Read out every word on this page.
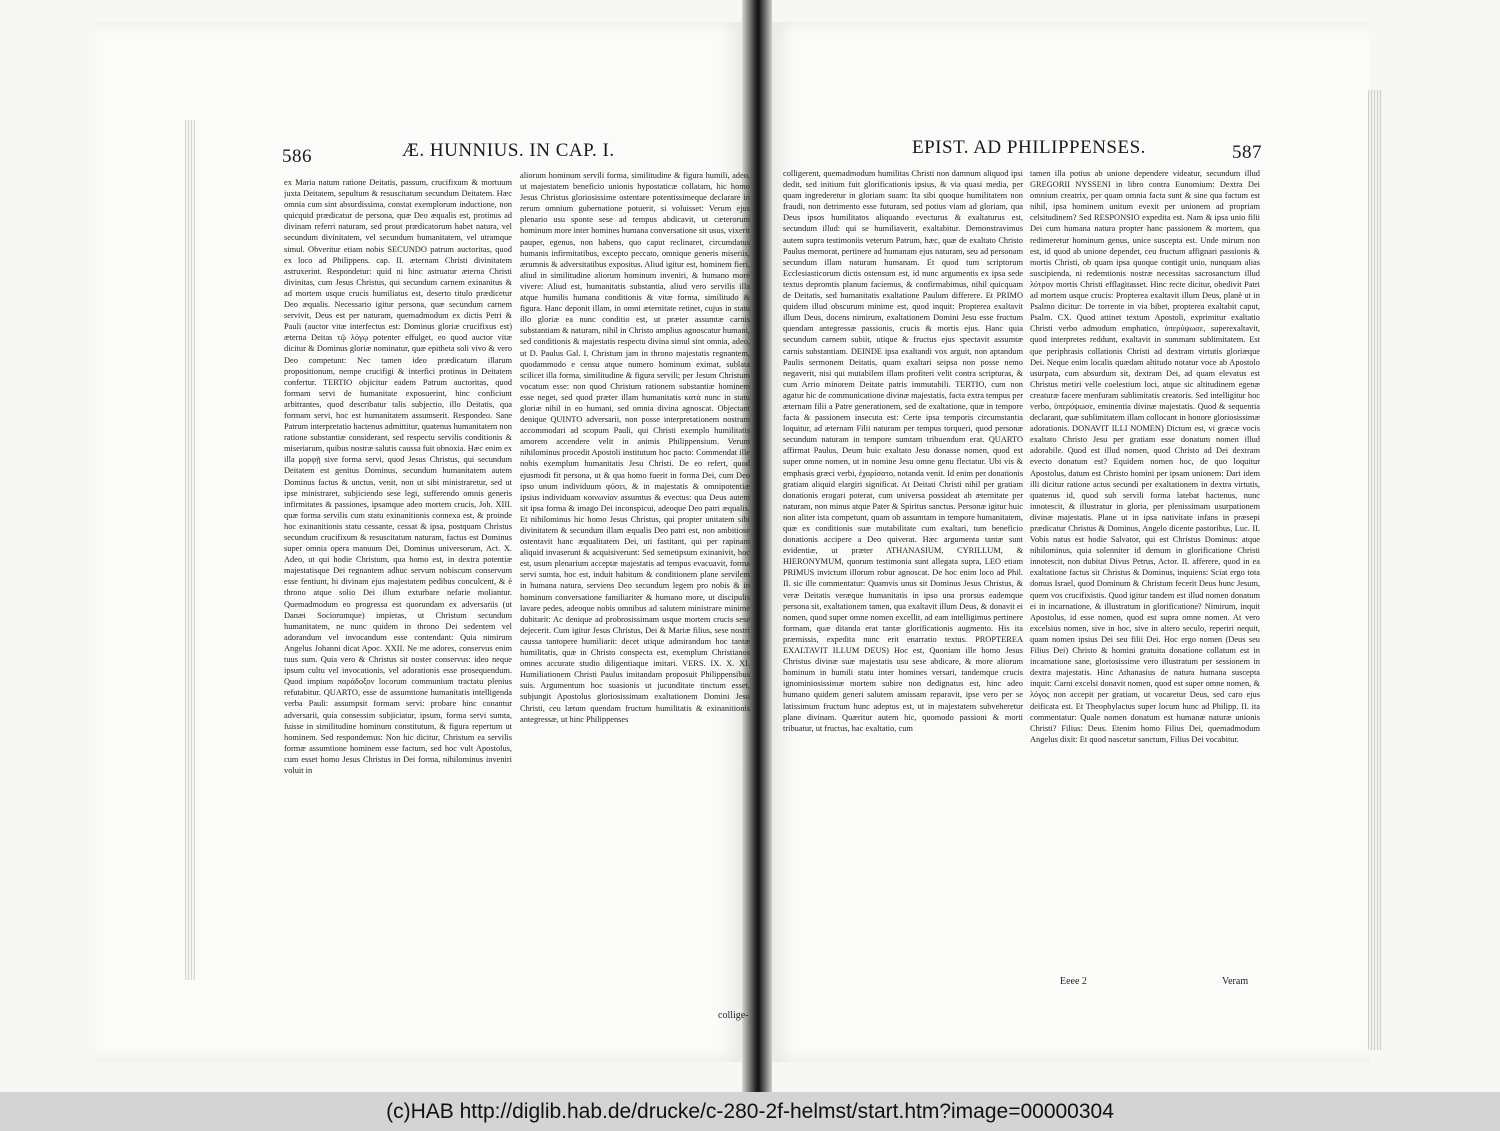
586	Æ. HUNNIUS. IN CAP. I.
ex Maria natum ratione Deitatis, passum, crucifixum & mortuum juxta Deitatem, sepultum & resuscitatum secundum Deitatem. Hæc omnia cum sint absurdissima, constat exemplorum inductione, non quicquid prædicatur de persona, quæ Deo æqualis est, protinus ad divinam referri naturam, sed prout prædicatorum habet natura, vel secundum divinitatem, vel secundum humanitatem, vel utramque simul. Obveritur etiam nobis SECUNDO patrum auctoritas, quod ex loco ad Philippens. cap. II. æternam Christi divinitatem astruxerint. Respondetur: quid ni hinc astruatur æterna Christi divinitas, cum Jesus Christus, qui secundum carnem exinanitus & ad mortem usque crucis humiliatus est, deserto titulo prædicetur Deo æqualis. Necessario igitur persona, quæ secundum carnem servivit, Deus est per naturam, quemadmodum ex dictis Petri & Pauli (auctor vitæ interfectus est: Dominus gloriæ crucifixus est) æterna Deitas τῷ λόγῳ potenter effulget, eo quod auctor vitæ dicitur & Dominus gloriæ nominatur, quæ epitheta soli vivo & vero Deo competunt: Nec tamen ideo prædicatum illarum propositionum, nempe crucifigi & interfici protinus in Deitatem confertur. TERTIO objicitur eadem Patrum auctoritas, quod formam servi de humanitate exposuerint, hinc conficiunt arbitrantes, quod describatur talis subjectio, illo Deitatis, qua formam servi, hoc est humanitatem assumserit. Respondeo. Sane Patrum interpretatio hactenus admittitur, quatenus humanitatem non ratione substantiæ considerant, sed respectu servilis conditionis & miseriarum, quibus nostræ salutis caussa fuit obnoxia. Hæc enim ex illa μορφῇ sive forma servi, quod Jesus Christus, qui secundum Deitatem est genitus Dominus, secundum humanitatem autem Dominus factus & unctus, venit, non ut sibi ministraretur, sed ut ipse ministraret, subjiciendo sese legi, sufferendo omnis generis infirmitates & passiones, ipsamque adeo mortem crucis, Joh. XIII. quæ forma servilis cum statu exinanitionis connexa est, & proinde hoc exinanitionis statu cessante, cessat & ipsa, postquam Christus secundum crucifixum & resuscitatum naturam, factus est Dominus super omnia opera manuum Dei, Dominus universorum, Act. X. Adeo, ut qui hodie Christum, qua homo est, in dextra potentiæ majestatisque Dei regnantem adhuc servum nobiscum conservum esse fentiunt, hi divinam ejus majestatem pedibus conculcent, & è throno atque solio Dei illum exturbare nefarie moliantur. Quemadmodum eo progressa est quorundam ex adversariis (ut Danæi Sociorumque) impietas, ut Christum secundum humanitatem, ne nunc quidem in throno Dei sedentem vel adorandum vel invocandum esse contendant: Quia nimirum Angelus Johanni dicat Apoc. XXII. Ne me adores, conservus enim tuus sum. Quia vero & Christus sit noster conservus: ideo neque ipsum cultu vel invocationis, vel adorationis esse prosequendum. Quod impium παράδοξον locorum communium tractatu plenius refutabitur. QUARTO, esse de assumtione humanitatis intelligenda verba Pauli: assumpsit formam servi: probare hinc conantur adversarii, quia consessim subjiciatur, ipsum, forma servi sumta, fuisse in similitudine hominum constitutum, & figura repertum ut hominem. Sed respondemus: Non hic dicitur, Christum ea servilis formæ assumtione hominem esse factum, sed hoc vult Apostolus, cum esset homo Jesus Christus in Dei forma, nihilominus inveniri voluit in
aliorum hominum servili forma, similitudine & figura humili, adeo, ut majestatem beneficio unionis hypostaticæ collatam, hic homo Jesus Christus gloriosissime ostentare potentissimeque declarare in rerum omnium gubernatione potuerit, si voluisset: Verum ejus plenario usu sponte sese ad tempus abdicavit, ut cæterorum hominum more inter homines humana conversatione sit usus, vixerit pauper, egenus, non habens, quo caput reclinaret, circumdatus humanis infirmitatibus, excepto peccato, omnique generis miseriis, ærumnis & adversitatibus expositus. Aliud igitur est, hominem fieri, aliud in similitudine aliorum hominum inveniri, & humano more vivere: Aliud est, humanitatis substantia, aliud vero servilis illa atque humilis humana conditionis & vitæ forma, similitudo & figura. Hanc deponit illam, in omni æternitate retinet, cujus in statu illo gloriæ ea nunc conditio est, ut præter assumtæ carnis substantiam & naturam, nihil in Christo amplius agnoscatur humani, sed conditionis & majestatis respectu divina simul sint omnia, adeo, ut D. Paulus Gal. I. Christum jam in throno majestatis regnantem, quodammodo e censu atque numero hominum eximat, sublata scilicet illa forma, similitudine & figura servili; per Jesum Christum vocatum esse: non quod Christum rationem substantiæ hominem esse neget, sed quod præter illam humanitatis κατὰ nunc in statu gloriæ nihil in eo humani, sed omnia divina agnoscat. Objectant denique QUINTO adversarii, non posse interpretationem nostram accommodari ad scopum Pauli, qui Christi exemplo humilitatis amorem accendere velit in animis Philippensium. Verum nihilominus procedit Apostoli institutum hoc pacto: Commendat ille nobis exemplum humanitatis Jesu Christi. De eo refert, quod ejusmodi fit persona, ut & qua homo fuerit in forma Dei, cum Deo ipso unum individuum φύσει, & in majestatis & omnipotentiæ ipsius individuam κοινωνίαν assumtus & evectus: qua Deus autem sit ipsa forma & imago Dei inconspicui, adeoque Deo patri æqualis. Et nihilominus hic homo Jesus Christus, qui propter unitatem sibi divinitatem & secundum illam æqualis Deo patri est, non ambitiose ostentavit hanc æqualitatem Dei, uti fastitant, qui per rapinam aliquid invaserunt & acquisiverunt: Sed semetipsum exinanivit, hoc est, usum plenarium acceptæ majestatis ad tempus evacuavit, forma servi sumta, hoc est, induit habitum & conditionem plane servilem in humana natura, serviens Deo secundum legem pro nobis & in hominum conversatione familiariter & humano more, ut discipulis lavare pedes, adeoque nobis omnibus ad salutem ministrare minime dubitarit: Ac denique ad probrosissimam usque mortem crucis sese dejecerit. Cum igitur Jesus Christus, Dei & Mariæ filius, sese nostri caussa tantopere humiliarit: decet utique admirandum hoc tantæ humilitatis, quæ in Christo conspecta est, exemplum Christianos omnes accurate studio diligentiaque imitari. VERS. IX. X. XI. Humiliationem Christi Paulus imitandam proposuit Philippensibus suis. Argumentum hoc suasionis ut jucunditate tinctum esset, subjungit Apostolus gloriosissimam exaltationem Domini Jesu Christi, ceu lætum quendam fructum humilitatis & exinanitionis antegressæ, ut hinc Philippenses
collige-
EPIST. AD PHILIPPENSES.	587
colligerent, quemadmodum humilitas Christi non damnum aliquod ipsi dedit, sed initium fuit glorificationis ipsius, & via quasi media, per quam ingrederetur in gloriam suam: Ita sibi quoque humilitatem non fraudi, non detrimento esse futuram, sed potius viam ad gloriam, qua Deus ipsos humilitatos aliquando evecturus & exaltaturus est, secundum illud: qui se humiliaverit, exaltabitur. Demonstravimus autem supra testimoniis veterum Patrum, hæc, quæ de exaltato Christo Paulus memorat, pertinere ad humanam ejus naturam, seu ad personam secundum illam naturam humanam. Et quod tum scriptorum Ecclesiasticorum dictis ostensum est, id nunc argumentis ex ipsa sede textus depromtis planum faciemus, & confirmabimus, nihil quicquam de Deitatis, sed humanitatis exaltatione Paulum differere. Et PRIMO quidem illud obscurum minime est, quod inquit: Propterea exaltavit illum Deus, docens nimirum, exaltationem Domini Jesu esse fructum quendam antegressæ passionis, crucis & mortis ejus. Hanc quia secundum carnem subiit, utique & fructus ejus spectavit assumtæ carnis substantiam. DEINDE ipsa exaltandi vox arguit, non aptandum Paulis sermonem Deitatis, quam exaltari seipsa non posse nemo negaverit, nisi qui mutabilem illam profiteri velit contra scripturas, & cum Arrio minorem Deitate patris immutabili. TERTIO, cum non agatur hic de communicatione divinæ majestatis, facta extra tempus per æternam filii a Patre generationem, sed de exaltatione, quæ in tempore facta & passionem insecuta est: Certe ipsa temporis circumstantia loquitur, ad æternam Filii naturam per tempus torqueri, quod personæ secundum naturam in tempore sumtam tribuendum erat. QUARTO affirmat Paulus, Deum huic exaltato Jesu donasse nomen, quod est super omne nomen, ut in nomine Jesu omne genu flectatur. Ubi vis & emphasis græci verbi, ἐχαρίσατο, notanda venit. Id enim per donationis gratiam aliquid elargiri significat. At Deitati Christi nihil per gratiam donationis erogari poterat, cum universa possideat ab æternitate per naturam, non minus atque Pater & Spiritus sanctus. Personæ igitur huic non aliter ista competunt, quam ob assumtam in tempore humanitatem, quæ ex conditionis suæ mutabilitate cum exaltari, tum beneficio donationis accipere a Deo quiverat. Hæc argumenta tantæ sunt evidentiæ, ut præter ATHANASIUM, CYRILLUM, & HIERONYMUM, quorum testimonia sunt allegata supra, LEO etiam PRIMUS invictum illorum robur agnoscat. De hoc enim loco ad Phil. II. sic ille commentatur: Quamvis unus sit Dominus Jesus Christus, & veræ Deitatis veræque humanitatis in ipso una prorsus eademque persona sit, exaltationem tamen, qua exaltavit illum Deus, & donavit ei nomen, quod super omne nomen excellit, ad eam intelligimus pertinere formam, quæ ditanda erat tantæ glorificationis augmento. His ita præmissis, expedita nunc erit enarratio textus. PROPTEREA EXALTAVIT ILLUM DEUS) Hoc est, Quoniam ille homo Jesus Christus divinæ suæ majestatis usu sese abdicare, & more aliorum hominum in humili statu inter homines versari, tandemque crucis ignominiosissimæ mortem subire non dedignatus est, hinc adeo humano quidem generi salutem amissam reparavit, ipse vero per se latissimum fructum hunc adeptus est, ut in majestatem subveheretur plane divinam. Quæritur autem hic, quomodo passioni & morti tribuatur, ut fructus, hac exaltatio, cum
tamen illa potius ab unione dependere videatur, secundum illud GREGORII NYSSENI in libro contra Eunomium: Dextra Dei omnium creatrix, per quam omnia facta sunt & sine qua factum est nihil, ipsa hominem unitum evexit per unionem ad propriam celsitudinem? Sed RESPONSIO expedita est. Nam & ipsa unio filii Dei cum humana natura propter hanc passionem & mortem, qua redimeretur hominum genus, unice suscepta est. Unde mirum non est, id quod ab unione dependet, ceu fructum affignari passionis & mortis Christi, ob quam ipsa quoque contigit unio, nunquam alias suscipienda, ni redemtionis nostræ necessitas sacrosanctum illud λύτρον mortis Christi efflagitasset. Hinc recte dicitur, obedivit Patri ad mortem usque crucis: Propterea exaltavit illum Deus, planè ut in Psalmo dicitur: De torrente in via bibet, propterea exaltabit caput, Psalm. CX. Quod attinet textum Apostoli, exprimitur exaltatio Christi verbo admodum emphatico, ὑπερύψωσε, superexaltavit, quod interpretes reddunt, exaltavit in summam sublimitatem. Est que periphrasis collationis Christi ad dextram virtutis gloriæque Dei. Neque enim localis quædam altitudo notatur voce ab Apostolo usurpata, cum absurdum sit, dextram Dei, ad quam elevatus est Christus metiri velle coelestium loci, atque sic altitudinem egenæ creaturæ facere menfuram sublimitatis creatoris. Sed intelligitur hoc verbo, ὑπερύψωσε, eminentia divinæ majestatis. Quod & sequentia declarant, quæ sublimitatem illam collocant in honore gloriosissimæ adorationis. DONAVIT ILLI NOMEN) Dictum est, vi græcæ vocis exaltato Christo Jesu per gratiam esse donatum nomen illud adorabile. Quod est illud nomen, quod Christo ad Dei dextram evecto donatum est? Equidem nomen hoc, de quo loquitur Apostolus, datum est Christo homini per ipsam unionem: Dari idem illi dicitur ratione actus secundi per exaltationem in dextra virtutis, quatenus id, quod sub servili forma latebat hactenus, nunc innotescit, & illustratur in gloria, per plenissimam usurpationem divinæ majestatis. Plane ut in ipsa nativitate infans in præsepi prædicatur Christus & Dominus, Angelo dicente pastoribus, Luc. II. Vobis natus est hodie Salvator, qui est Christus Dominus: atque nihilominus, quia solenniter id demum in glorificatione Christi innotescit, non dubitat Divus Petrus, Actor. II. afferere, quod in ea exaltatione factus sit Christus & Dominus, inquiens: Sciat ergo tota domus Israel, quod Dominum & Christum fecerit Deus hunc Jesum, quem vos crucifixistis. Quod igitur tandem est illud nomen donatum ei in incarnatione, & illustratum in glorificatione? Nimirum, inquit Apostolus, id esse nomen, quod est supra omne nomen. At vero excelsius nomen, sive in hoc, sive in altero seculo, reperiri nequit, quam nomen ipsius Dei seu filii Dei. Hoc ergo nomen (Deus seu Filius Dei) Christo & homini gratuita donatione collatum est in incarnatione sane, gloriosissime vero illustratum per sessionem in dextra majestatis. Hinc Athanasius de natura humana suscepta inquit: Carni excelsi donavit nomen, quod est super omne nomen, & λόγος non accepit per gratiam, ut vocaretur Deus, sed caro ejus deificata est. Et Theophylactus super locum hunc ad Philipp. II. ita commentatur: Quale nomen donatum est humanæ naturæ unionis Christi? Filius: Deus. Etenim homo Filius Dei, quemadmodum Angelus dixit: Et quod nascetur sanctum, Filius Dei vocabitur.
Eeee 2	Veram
(c)HAB http://diglib.hab.de/drucke/c-280-2f-helmst/start.htm?image=00000304
